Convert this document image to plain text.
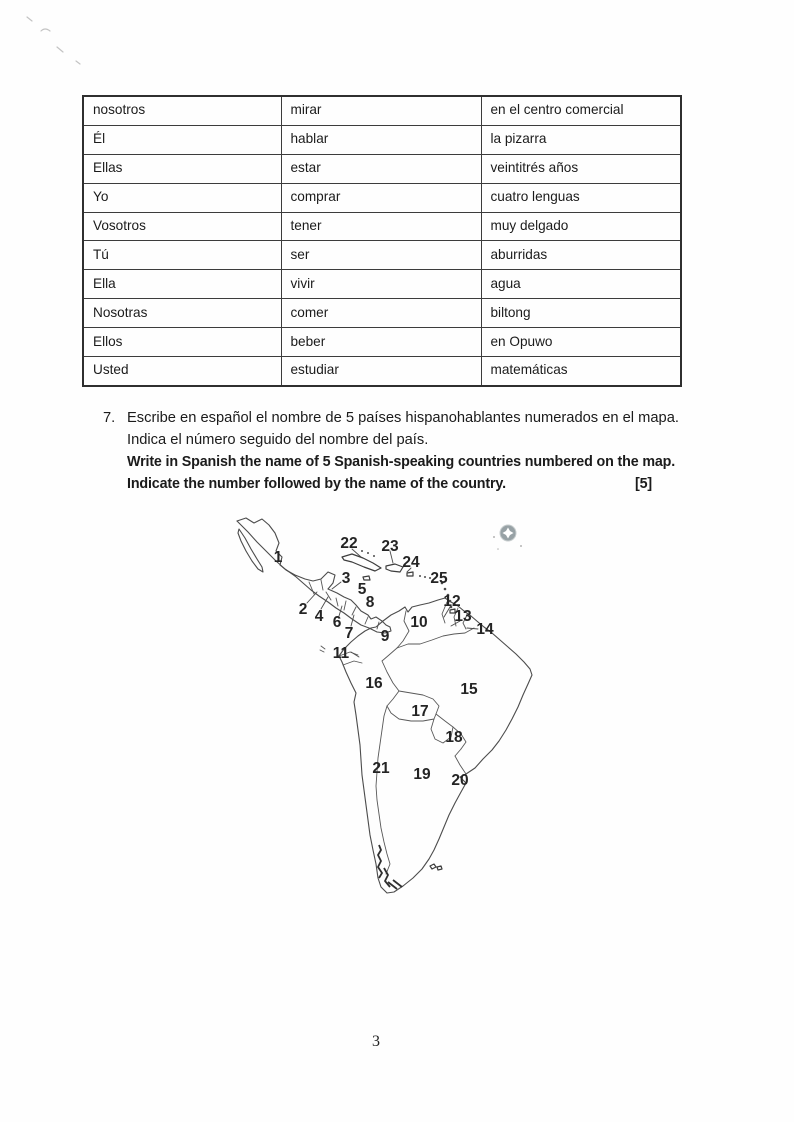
nosotros	mirar	en el centro comercial
Él	hablar	la pizarra
Ellas	estar	veintitrés años
Yo	comprar	cuatro lenguas
Vosotros	tener	muy delgado
Tú	ser	aburridas
Ella	vivir	agua
Nosotras	comer	biltong
Ellos	beber	en Opuwo
Usted	estudiar	matemáticas
7. Escribe en español el nombre de 5 países hispanohablantes numerados en el mapa.
Indica el número seguido del nombre del país.
Write in Spanish the name of 5 Spanish-speaking countries numbered on the map.
Indicate the number followed by the name of the country.	[5]
1
2
3
4
5
6
7
8
9
10
11
12
13
14
15
16
17
18
19 20
21
22 23
24
25
3
